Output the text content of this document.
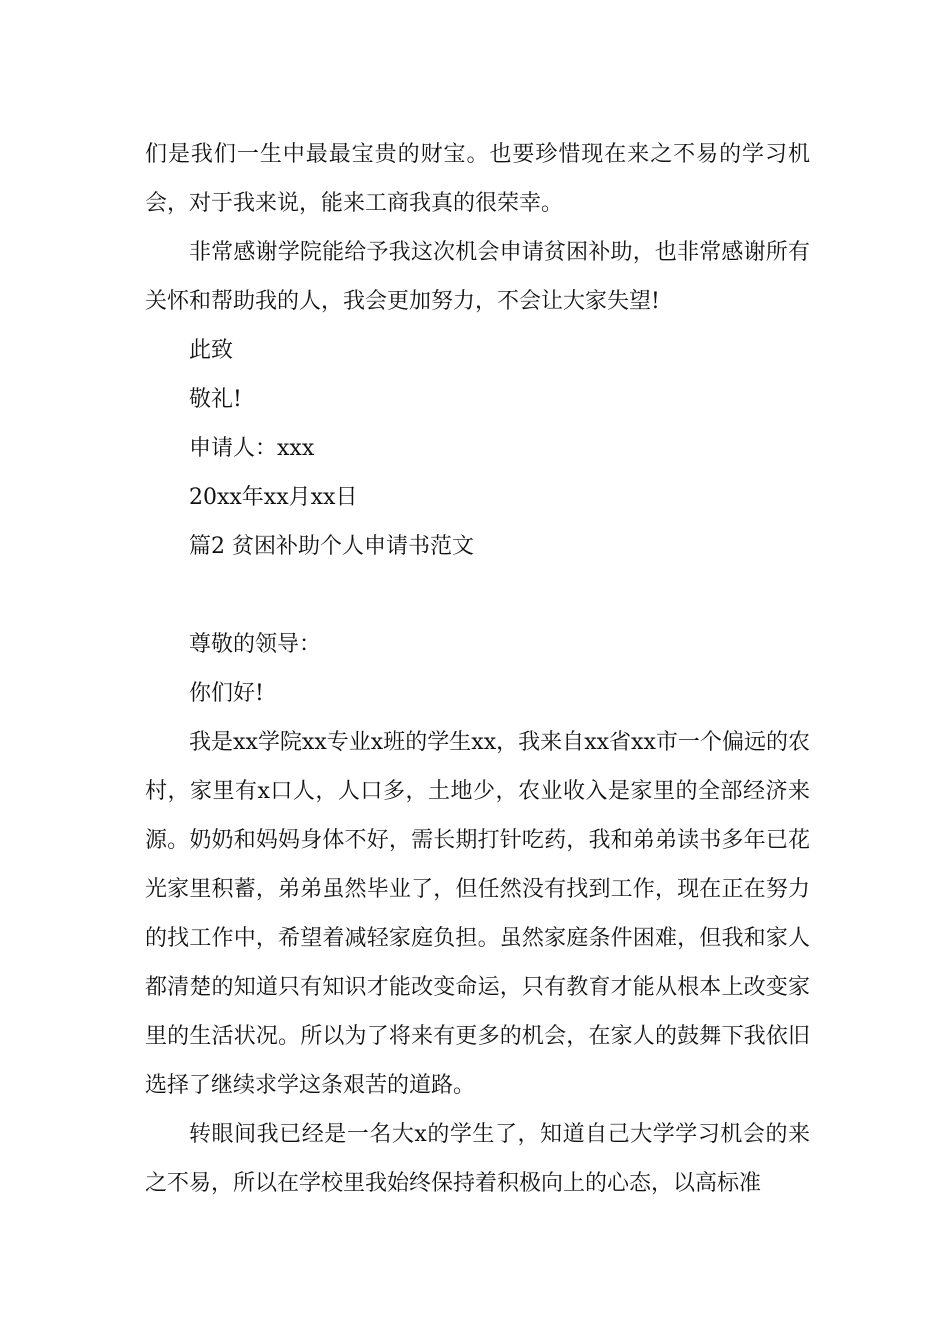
们是我们一生中最最宝贵的财宝。也要珍惜现在来之不易的学习机会，对于我来说，能来工商我真的很荣幸。

非常感谢学院能给予我这次机会申请贫困补助，也非常感谢所有关怀和帮助我的人，我会更加努力，不会让大家失望!

此致

敬礼!

申请人：xxx

20xx年xx月xx日

篇2 贫困补助个人申请书范文

尊敬的领导：

你们好!

我是xx学院xx专业x班的学生xx，我来自xx省xx市一个偏远的农村，家里有x口人，人口多，土地少，农业收入是家里的全部经济来源。奶奶和妈妈身体不好，需长期打针吃药，我和弟弟读书多年已花光家里积蓄，弟弟虽然毕业了，但任然没有找到工作，现在正在努力的找工作中，希望着减轻家庭负担。虽然家庭条件困难，但我和家人都清楚的知道只有知识才能改变命运，只有教育才能从根本上改变家里的生活状况。所以为了将来有更多的机会，在家人的鼓舞下我依旧选择了继续求学这条艰苦的道路。

转眼间我已经是一名大x的学生了，知道自己大学学习机会的来之不易，所以在学校里我始终保持着积极向上的心态，以高标准
